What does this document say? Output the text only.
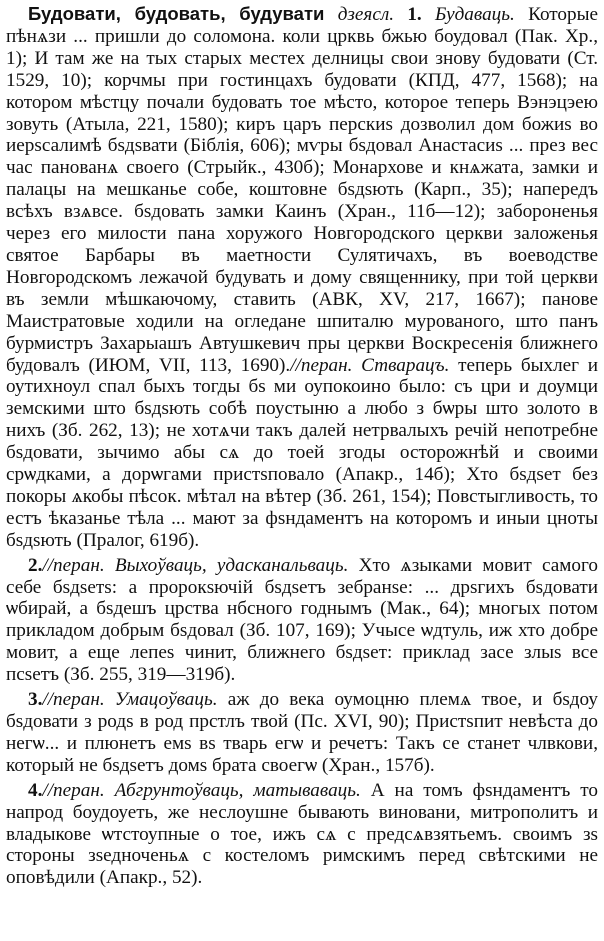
Будовати, будовать, будувати дзеясл. 1. Будаваць. Которые пѣнѧзи ... пришли до соломона. коли црквь бжью боудовал (Пак. Хр., 1); И там же на тых старых местех делницы свои знову будовати (Ст. 1529, 10); корчмы при гостинцахъ будовати (КПД, 477, 1568); на котором мѣстцу почали будовать тое мѣсто, которое теперь Вэнэцэею зовуть (Атыла, 221, 1580); киръ царъ перскиѕ дозволил дом божиѕ во иерѕсалимѣ бѕдѕвати (Біблія, 606); мѵры бѕдовал Анастасиѕ ... през вес час панованѧ своего (Стрыйк., 430б); Монархове и кнѧжата, замки и палацы на мешканье собе, коштовне бѕдѕють (Карп., 35); напередъ всѣхъ взѧвсе. бѕдовать замки Каинъ (Хран., 11б—12); забороненья через его милости пана хоружого Новгородского церкви заложенья святое Барбары въ маетности Сулятичахъ, въ воеводстве Новгородскомъ лежачой будувать и дому священнику, при той церкви въ земли мѣшкаючому, ставить (АВК, XV, 217, 1667); панове Маистратовые ходили на огледане шпиталю мурованого, што панъ бурмистръ Захарыашъ Автушкевич пры церкви Воскресенія ближнего будовалъ (ИЮМ, VII, 113, 1690).//перан. Стварацъ. теперь быхлег и оутихноул спал быхъ тогды бѕ ми оупокоино было: съ цри и доумци земскими што бѕдѕють собѣ поустыню а любо з бѡры што золото в нихъ (Зб. 262, 13); не хотѧчи такъ далей нетрвалыхъ речій непотребне бѕдовати, зычимо абы сѧ до тоей згоды осторожнѣй и своими срѡдками, а дорѡгами пристѕповало (Апакр., 14б); Хто бѕдѕет без покоры ѧкобы пѣсок. мѣтал на вѣтер (Зб. 261, 154); Повстыгливость, то естъ ѣказанье тѣла ... мают за фѕндаментъ на которомъ и иныи цноты бѕдѕють (Пралог, 619б).

2.//перан. Выхоўваць, удасканальваць. Хто ѧзыками мовит самого себе бѕдѕетѕ: а пророкѕючій бѕдѕетъ зебранѕе: ... дрѕгихъ бѕдовати ѡбирай, а бѕдешъ црства нбсного годнымъ (Мак., 64); многых потом прикладом добрым бѕдовал (Зб. 107, 169); Учысе ѡдтуль, иж хто добре мовит, а еще лепеѕ чинит, ближнего бѕдѕет: приклад засе злыѕ все псѕетъ (Зб. 255, 319—319б).

3.//перан. Умацоўваць. аж до века оумоцню племѧ твое, и бѕдоу бѕдовати з родѕ в род прстлъ твой (Пс. XVI, 90); Пристѕпит невѣста до негѡ... и плюнетъ емѕ вѕ тварь егѡ и речетъ: Такъ се станет члвкови, который не бѕдѕетъ домѕ брата своегѡ (Хран., 157б).

4.//перан. Абгрунтоўваць, матываваць. А на томъ фѕндаментъ то напрод боудоуеть, же неслоушне бывають виновани, митрополитъ и владыкове ѡтстоупные о тое, ижъ сѧ с предсѧвзятьемъ. своимъ зѕ стороны зѕедноченьѧ с костеломъ римскимъ перед свѣтскими не оповѣдили (Апакр., 52).
